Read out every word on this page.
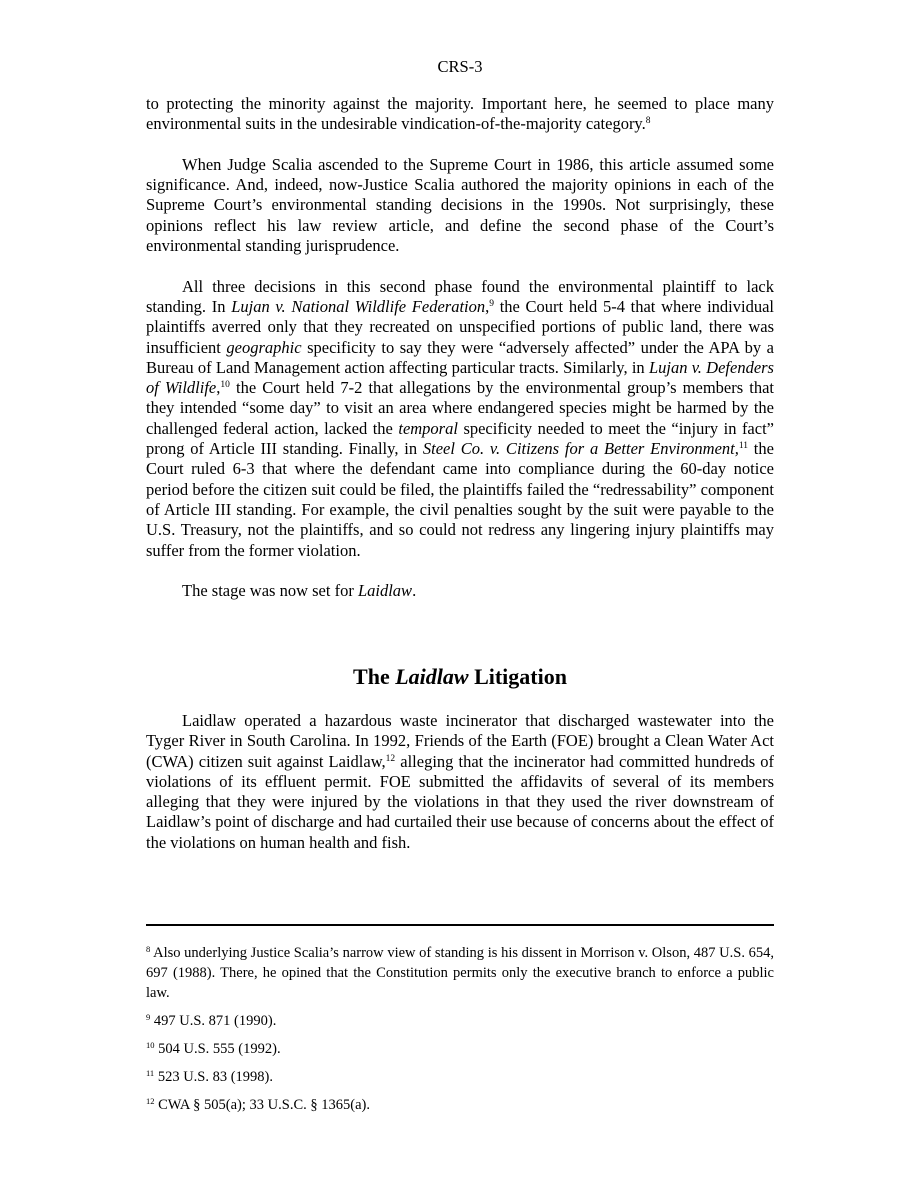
CRS-3

to protecting the minority against the majority. Important here, he seemed to place many environmental suits in the undesirable vindication-of-the-majority category.$^8$

When Judge Scalia ascended to the Supreme Court in 1986, this article assumed some significance. And, indeed, now-Justice Scalia authored the majority opinions in each of the Supreme Court’s environmental standing decisions in the 1990s. Not surprisingly, these opinions reflect his law review article, and define the second phase of the Court’s environmental standing jurisprudence.

All three decisions in this second phase found the environmental plaintiff to lack standing. In Lujan v. National Wildlife Federation,$^9$ the Court held 5-4 that where individual plaintiffs averred only that they recreated on unspecified portions of public land, there was insufficient geographic specificity to say they were “adversely affected” under the APA by a Bureau of Land Management action affecting particular tracts. Similarly, in Lujan v. Defenders of Wildlife,$^{10}$ the Court held 7-2 that allegations by the environmental group’s members that they intended “some day” to visit an area where endangered species might be harmed by the challenged federal action, lacked the temporal specificity needed to meet the “injury in fact” prong of Article III standing. Finally, in Steel Co. v. Citizens for a Better Environment,$^{11}$ the Court ruled 6-3 that where the defendant came into compliance during the 60-day notice period before the citizen suit could be filed, the plaintiffs failed the “redressability” component of Article III standing. For example, the civil penalties sought by the suit were payable to the U.S. Treasury, not the plaintiffs, and so could not redress any lingering injury plaintiffs may suffer from the former violation.

The stage was now set for Laidlaw.

The Laidlaw Litigation

Laidlaw operated a hazardous waste incinerator that discharged wastewater into the Tyger River in South Carolina. In 1992, Friends of the Earth (FOE) brought a Clean Water Act (CWA) citizen suit against Laidlaw,$^{12}$ alleging that the incinerator had committed hundreds of violations of its effluent permit. FOE submitted the affidavits of several of its members alleging that they were injured by the violations in that they used the river downstream of Laidlaw’s point of discharge and had curtailed their use because of concerns about the effect of the violations on human health and fish.

$^8$ Also underlying Justice Scalia’s narrow view of standing is his dissent in Morrison v. Olson, 487 U.S. 654, 697 (1988). There, he opined that the Constitution permits only the executive branch to enforce a public law.
$^9$ 497 U.S. 871 (1990).
$^{10}$ 504 U.S. 555 (1992).
$^{11}$ 523 U.S. 83 (1998).
$^{12}$ CWA § 505(a); 33 U.S.C. § 1365(a).
